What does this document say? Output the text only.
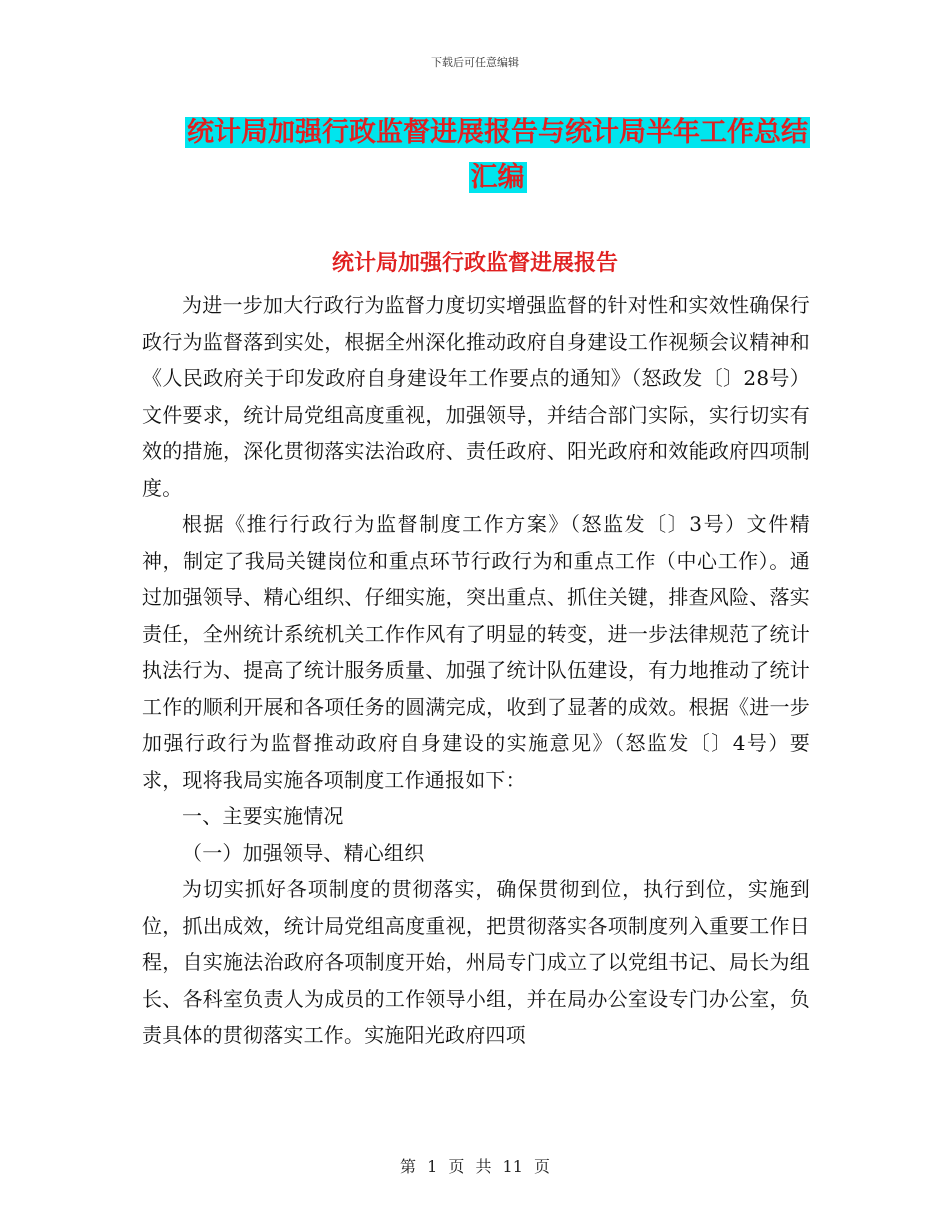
下载后可任意编辑
统计局加强行政监督进展报告与统计局半年工作总结
汇编
统计局加强行政监督进展报告

为进一步加大行政行为监督力度切实增强监督的针对性和实效性确保行政行为监督落到实处，根据全州深化推动政府自身建设工作视频会议精神和《人民政府关于印发政府自身建设年工作要点的通知》（怒政发〔〕28号）文件要求，统计局党组高度重视，加强领导，并结合部门实际，实行切实有效的措施，深化贯彻落实法治政府、责任政府、阳光政府和效能政府四项制度。

根据《推行行政行为监督制度工作方案》（怒监发〔〕3号）文件精神，制定了我局关键岗位和重点环节行政行为和重点工作（中心工作）。通过加强领导、精心组织、仔细实施，突出重点、抓住关键，排查风险、落实责任，全州统计系统机关工作作风有了明显的转变，进一步法律规范了统计执法行为、提高了统计服务质量、加强了统计队伍建设，有力地推动了统计工作的顺利开展和各项任务的圆满完成，收到了显著的成效。根据《进一步加强行政行为监督推动政府自身建设的实施意见》（怒监发〔〕4号）要求，现将我局实施各项制度工作通报如下：

一、主要实施情况

（一）加强领导、精心组织

为切实抓好各项制度的贯彻落实，确保贯彻到位，执行到位，实施到位，抓出成效，统计局党组高度重视，把贯彻落实各项制度列入重要工作日程，自实施法治政府各项制度开始，州局专门成立了以党组书记、局长为组长、各科室负责人为成员的工作领导小组，并在局办公室设专门办公室，负责具体的贯彻落实工作。实施阳光政府四项

第 1 页 共 11 页
